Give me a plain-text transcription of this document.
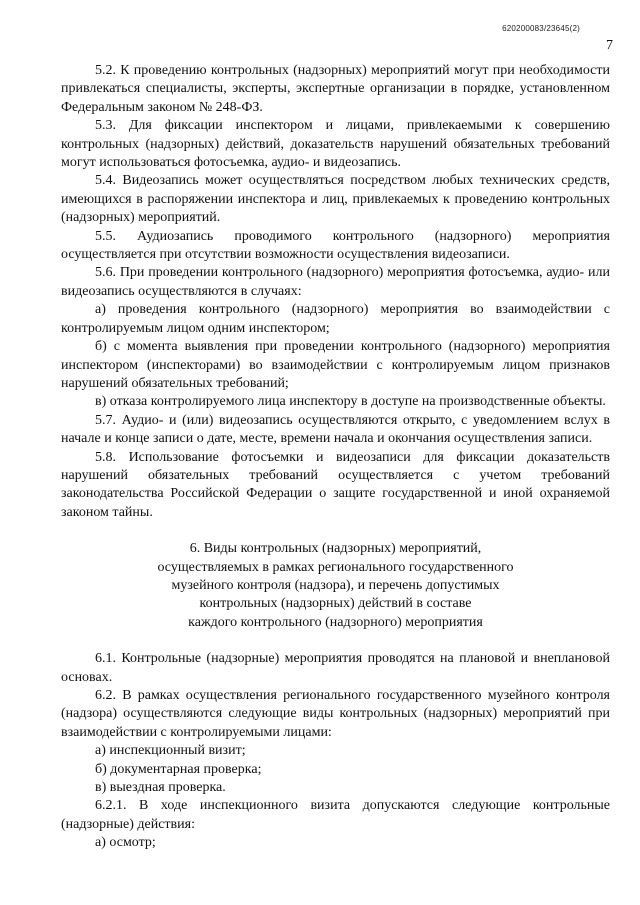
620200083/23645(2)
7

5.2. К проведению контрольных (надзорных) мероприятий могут при необходимости привлекаться специалисты, эксперты, экспертные организации в порядке, установленном Федеральным законом № 248-ФЗ.

5.3. Для фиксации инспектором и лицами, привлекаемыми к совершению контрольных (надзорных) действий, доказательств нарушений обязательных требований могут использоваться фотосъемка, аудио- и видеозапись.

5.4. Видеозапись может осуществляться посредством любых технических средств, имеющихся в распоряжении инспектора и лиц, привлекаемых к проведению контрольных (надзорных) мероприятий.

5.5. Аудиозапись проводимого контрольного (надзорного) мероприятия осуществляется при отсутствии возможности осуществления видеозаписи.

5.6. При проведении контрольного (надзорного) мероприятия фотосъемка, аудио- или видеозапись осуществляются в случаях:

а) проведения контрольного (надзорного) мероприятия во взаимодействии с контролируемым лицом одним инспектором;

б) с момента выявления при проведении контрольного (надзорного) мероприятия инспектором (инспекторами) во взаимодействии с контролируемым лицом признаков нарушений обязательных требований;

в) отказа контролируемого лица инспектору в доступе на производственные объекты.

5.7. Аудио- и (или) видеозапись осуществляются открыто, с уведомлением вслух в начале и конце записи о дате, месте, времени начала и окончания осуществления записи.

5.8. Использование фотосъемки и видеозаписи для фиксации доказательств нарушений обязательных требований осуществляется с учетом требований законодательства Российской Федерации о защите государственной и иной охраняемой законом тайны.

6. Виды контрольных (надзорных) мероприятий,
осуществляемых в рамках регионального государственного
музейного контроля (надзора), и перечень допустимых
контрольных (надзорных) действий в составе
каждого контрольного (надзорного) мероприятия

6.1. Контрольные (надзорные) мероприятия проводятся на плановой и внеплановой основах.

6.2. В рамках осуществления регионального государственного музейного контроля (надзора) осуществляются следующие виды контрольных (надзорных) мероприятий при взаимодействии с контролируемыми лицами:

а) инспекционный визит;

б) документарная проверка;

в) выездная проверка.

6.2.1. В ходе инспекционного визита допускаются следующие контрольные (надзорные) действия:

а) осмотр;
